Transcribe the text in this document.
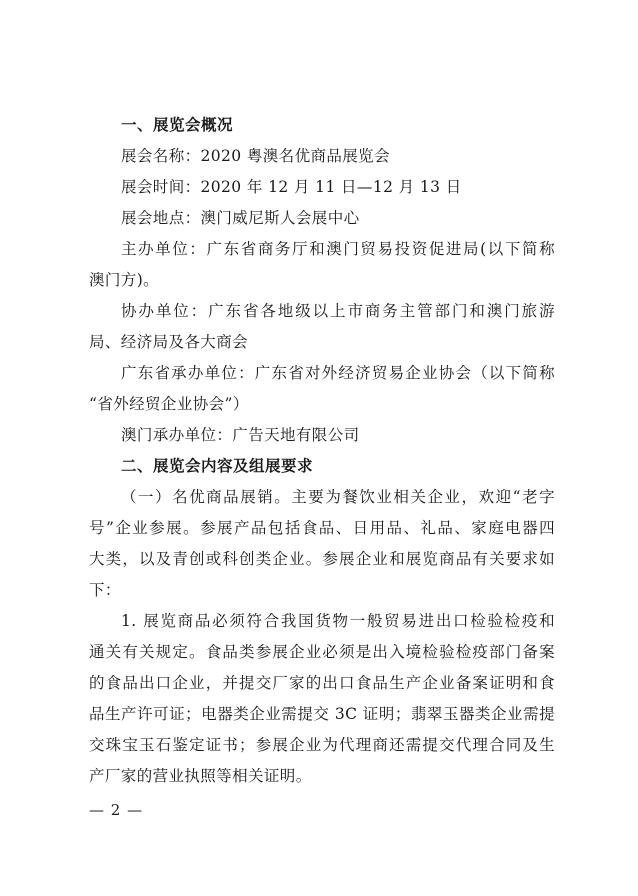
一、展览会概况
展会名称：2020 粤澳名优商品展览会
展会时间：2020 年 12 月 11 日—12 月 13 日
展会地点：澳门威尼斯人会展中心
主办单位：广东省商务厅和澳门贸易投资促进局(以下简称
澳门方)。
协办单位：广东省各地级以上市商务主管部门和澳门旅游
局、经济局及各大商会
广东省承办单位：广东省对外经济贸易企业协会（以下简称
“省外经贸企业协会”）
澳门承办单位：广告天地有限公司
二、展览会内容及组展要求
（一）名优商品展销。主要为餐饮业相关企业，欢迎“老字
号”企业参展。参展产品包括食品、日用品、礼品、家庭电器四
大类，以及青创或科创类企业。参展企业和展览商品有关要求如
下：
1. 展览商品必须符合我国货物一般贸易进出口检验检疫和
通关有关规定。食品类参展企业必须是出入境检验检疫部门备案
的食品出口企业，并提交厂家的出口食品生产企业备案证明和食
品生产许可证；电器类企业需提交 3C 证明；翡翠玉器类企业需提
交珠宝玉石鉴定证书；参展企业为代理商还需提交代理合同及生
产厂家的营业执照等相关证明。
— 2 —
